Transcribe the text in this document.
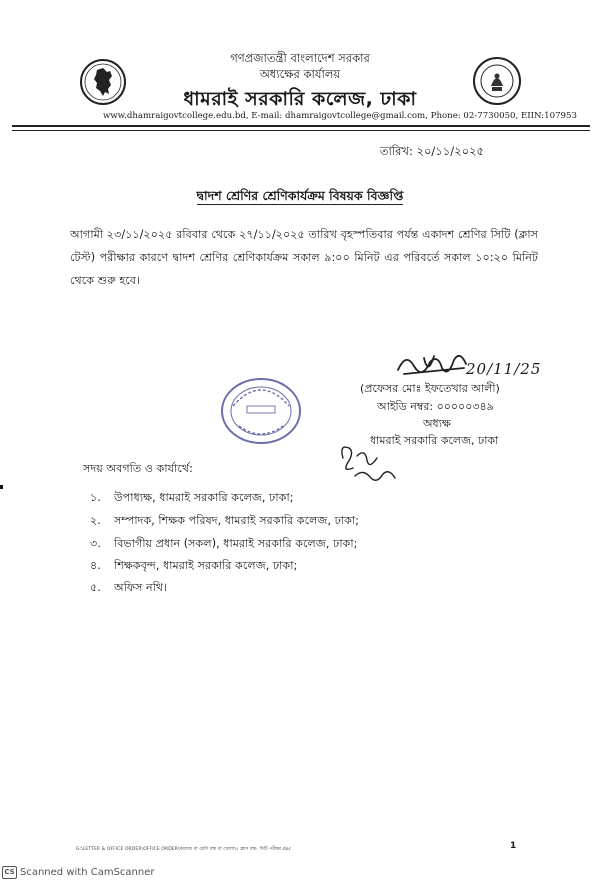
গণপ্রজাতন্ত্রী বাংলাদেশ সরকার
অধ্যক্ষের কার্যালয়
ধামরাই সরকারি কলেজ, ঢাকা
www.dhamraigovtcollege.edu.bd, E-mail: dhamraigovtcollege@gmail.com, Phone: 02-7730050, EIIN:107953
তারিখ: ২০/১১/২০২৫
দ্বাদশ শ্রেণির শ্রেণিকার্যক্রম বিষয়ক বিজ্ঞপ্তি
আগামী ২৩/১১/২০২৫ রবিবার থেকে ২৭/১১/২০২৫ তারিখ বৃহস্পতিবার পর্যন্ত একাদশ শ্রেণির সিটি (ক্লাস টেস্ট) পরীক্ষার কারণে দ্বাদশ শ্রেণির শ্রেণিকার্যক্রম সকাল ৯:০০ মিনিট এর পরিবর্তে সকাল ১০:২০ মিনিট থেকে শুরু হবে।
20/11/25
(প্রফেসর মোঃ ইফতেখার আলী)
আইডি নম্বর: ০০০০০৩৪৯
অধ্যক্ষ
ধামরাই সরকারি কলেজ, ঢাকা
সদয় অবগতি ও কার্যার্থে:
১. উপাধ্যক্ষ, ধামরাই সরকারি কলেজ, ঢাকা;
২. সম্পাদক, শিক্ষক পরিষদ, ধামরাই সরকারি কলেজ, ঢাকা;
৩. বিভাগীয় প্রধান (সকল), ধামরাই সরকারি কলেজ, ঢাকা;
৪. শিক্ষকবৃন্দ, ধামরাই সরকারি কলেজ, ঢাকা;
৫. অফিস নথি।
G:\LETTER & OFFICE ORDER\OFFICE ORDER\কলেজ বা শ্রেণি বন্ধ বা খোলা\২ ক্লাস বন্ধ- সিটি পরীক্ষা.doc	1
CS Scanned with CamScanner
